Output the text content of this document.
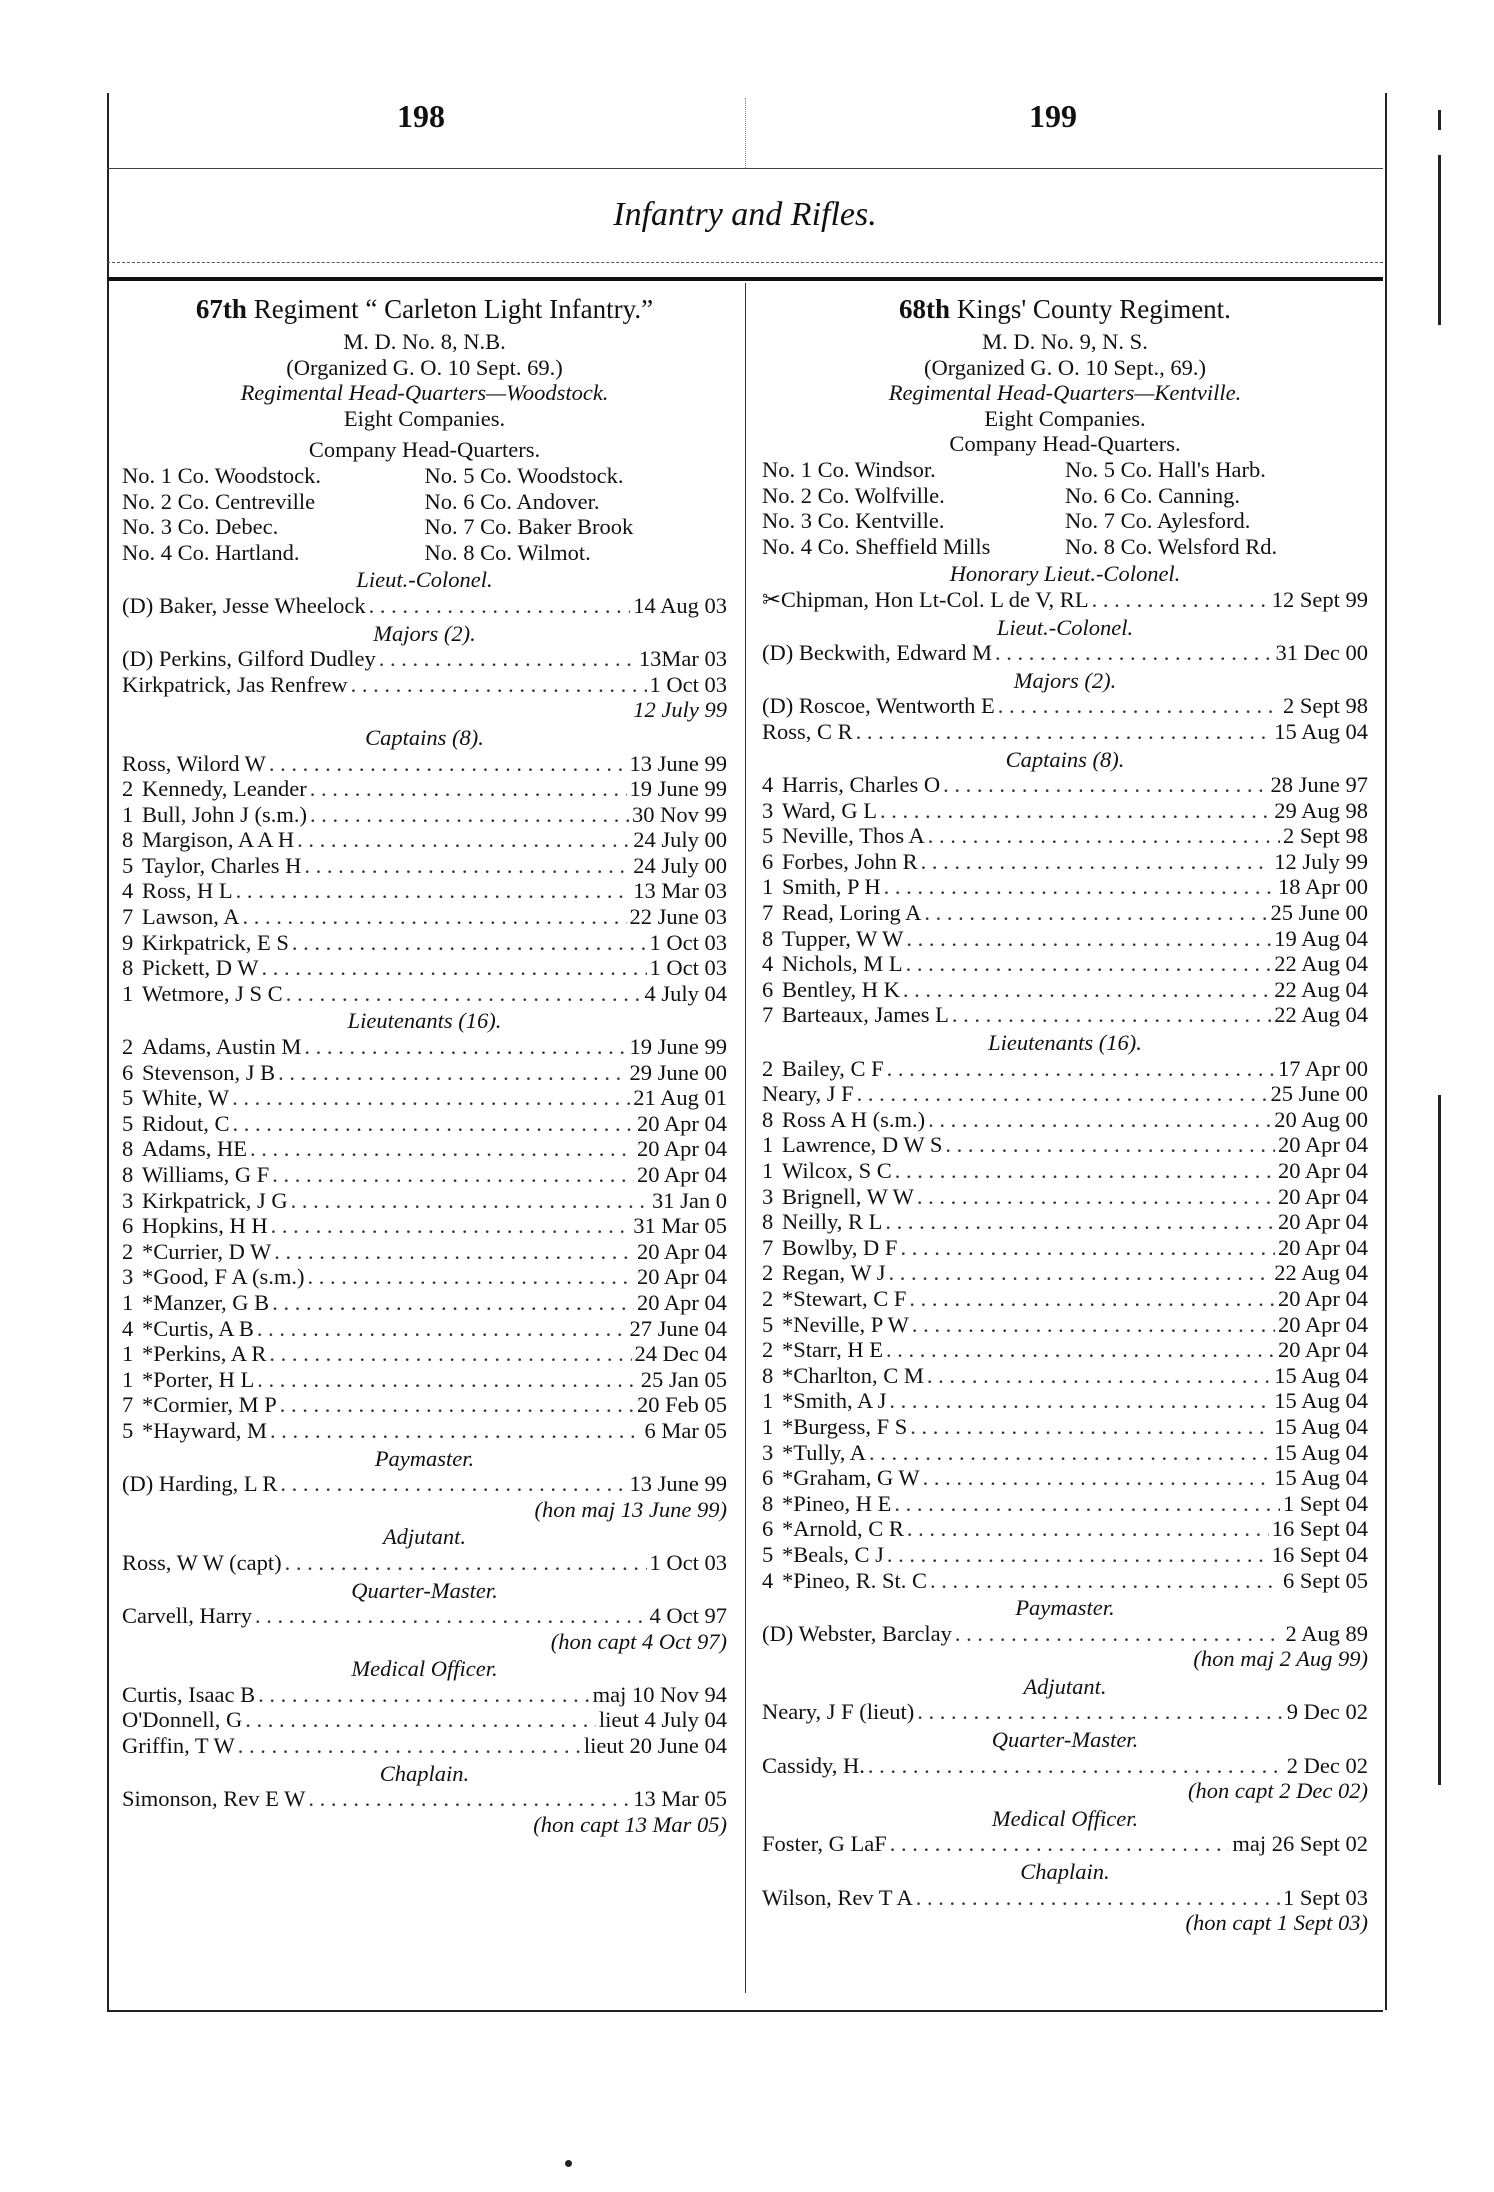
198	199
Infantry and Rifles.
67th Regiment “ Carleton Light Infantry.”
M. D. No. 8, N.B.
(Organized G. O. 10 Sept. 69.)
Regimental Head-Quarters—Woodstock.
Eight Companies.
Company Head-Quarters.
No. 1 Co. Woodstock.	No. 5 Co. Woodstock.
No. 2 Co. Centreville	No. 6 Co. Andover.
No. 3 Co. Debec.	No. 7 Co. Baker Brook
No. 4 Co. Hartland.	No. 8 Co. Wilmot.
Lieut.-Colonel.
(D) Baker, Jesse Wheelock . . .	14 Aug 03
Majors (2).
(D) Perkins, Gilford Dudley . . .	13Mar 03
Kirkpatrick, Jas Renfrew . . .	1 Oct 03
12 July 99
Captains (8).
Ross, Wilord W . . .	13 June 99
2 Kennedy, Leander . . .	19 June 99
1 Bull, John J (s.m.) . . .	30 Nov 99
8 Margison, A A H . . .	24 July 00
5 Taylor, Charles H . . .	24 July 00
4 Ross, H L . . .	13 Mar 03
7 Lawson, A . . .	22 June 03
9 Kirkpatrick, E S . . .	1 Oct 03
8 Pickett, D W . . .	1 Oct 03
1 Wetmore, J S C . . .	4 July 04
Lieutenants (16).
2 Adams, Austin M . . .	19 June 99
6 Stevenson, J B . . .	29 June 00
5 White, W . . .	21 Aug 01
5 Ridout, C . . .	20 Apr 04
8 Adams, HE . . .	20 Apr 04
8 Williams, G F . . .	20 Apr 04
3 Kirkpatrick, J G . . .	31 Jan 0
6 Hopkins, H H . . .	31 Mar 05
2 *Currier, D W . . .	20 Apr 04
3 *Good, F A (s.m.) . . .	20 Apr 04
1 *Manzer, G B . . .	20 Apr 04
4 *Curtis, A B . . .	27 June 04
1 *Perkins, A R . . .	24 Dec 04
1 *Porter, H L . . .	25 Jan 05
7 *Cormier, M P . . .	20 Feb 05
5 *Hayward, M . . .	6 Mar 05
Paymaster.
(D) Harding, L R . . .	13 June 99
(hon maj 13 June 99)
Adjutant.
Ross, W W (capt) . . .	1 Oct 03
Quarter-Master.
Carvell, Harry . . .	4 Oct 97
(hon capt 4 Oct 97)
Medical Officer.
Curtis, Isaac B . . .	maj 10 Nov 94
O'Donnell, G . . .	lieut 4 July 04
Griffin, T W . . .	lieut 20 June 04
Chaplain.
Simonson, Rev E W . . .	13 Mar 05
(hon capt 13 Mar 05)
68th Kings' County Regiment.
M. D. No. 9, N. S.
(Organized G. O. 10 Sept., 69.)
Regimental Head-Quarters—Kentville.
Eight Companies.
Company Head-Quarters.
No. 1 Co. Windsor.	No. 5 Co. Hall's Harb.
No. 2 Co. Wolfville.	No. 6 Co. Canning.
No. 3 Co. Kentville.	No. 7 Co. Aylesford.
No. 4 Co. Sheffield Mills	No. 8 Co. Welsford Rd.
Honorary Lieut.-Colonel.
✂Chipman, Hon Lt-Col. L de V, RL . . .	12 Sept 99
Lieut.-Colonel.
(D) Beckwith, Edward M . . .	31 Dec 00
Majors (2).
(D) Roscoe, Wentworth E . . .	2 Sept 98
Ross, C R . . .	15 Aug 04
Captains (8).
4 Harris, Charles O . . .	28 June 97
3 Ward, G L . . .	29 Aug 98
5 Neville, Thos A . . .	2 Sept 98
6 Forbes, John R . . .	12 July 99
1 Smith, P H . . .	18 Apr 00
7 Read, Loring A . . .	25 June 00
8 Tupper, W W . . .	19 Aug 04
4 Nichols, M L . . .	22 Aug 04
6 Bentley, H K . . .	22 Aug 04
7 Barteaux, James L . . .	22 Aug 04
Lieutenants (16).
2 Bailey, C F . . .	17 Apr 00
Neary, J F . . .	25 June 00
8 Ross A H (s.m.) . . .	20 Aug 00
1 Lawrence, D W S . . .	20 Apr 04
1 Wilcox, S C . . .	20 Apr 04
3 Brignell, W W . . .	20 Apr 04
8 Neilly, R L . . .	20 Apr 04
7 Bowlby, D F . . .	20 Apr 04
2 Regan, W J . . .	22 Aug 04
2 *Stewart, C F . . .	20 Apr 04
5 *Neville, P W . . .	20 Apr 04
2 *Starr, H E . . .	20 Apr 04
8 *Charlton, C M . . .	15 Aug 04
1 *Smith, A J . . .	15 Aug 04
1 *Burgess, F S . . .	15 Aug 04
3 *Tully, A . . .	15 Aug 04
6 *Graham, G W . . .	15 Aug 04
8 *Pineo, H E . . .	1 Sept 04
6 *Arnold, C R . . .	16 Sept 04
5 *Beals, C J . . .	16 Sept 04
4 *Pineo, R. St. C . . .	6 Sept 05
Paymaster.
(D) Webster, Barclay . . .	2 Aug 89
(hon maj 2 Aug 99)
Adjutant.
Neary, J F (lieut) . . .	9 Dec 02
Quarter-Master.
Cassidy, H. . . .	2 Dec 02
(hon capt 2 Dec 02)
Medical Officer.
Foster, G LaF . . .	maj 26 Sept 02
Chaplain.
Wilson, Rev T A . . .	1 Sept 03
(hon capt 1 Sept 03)
